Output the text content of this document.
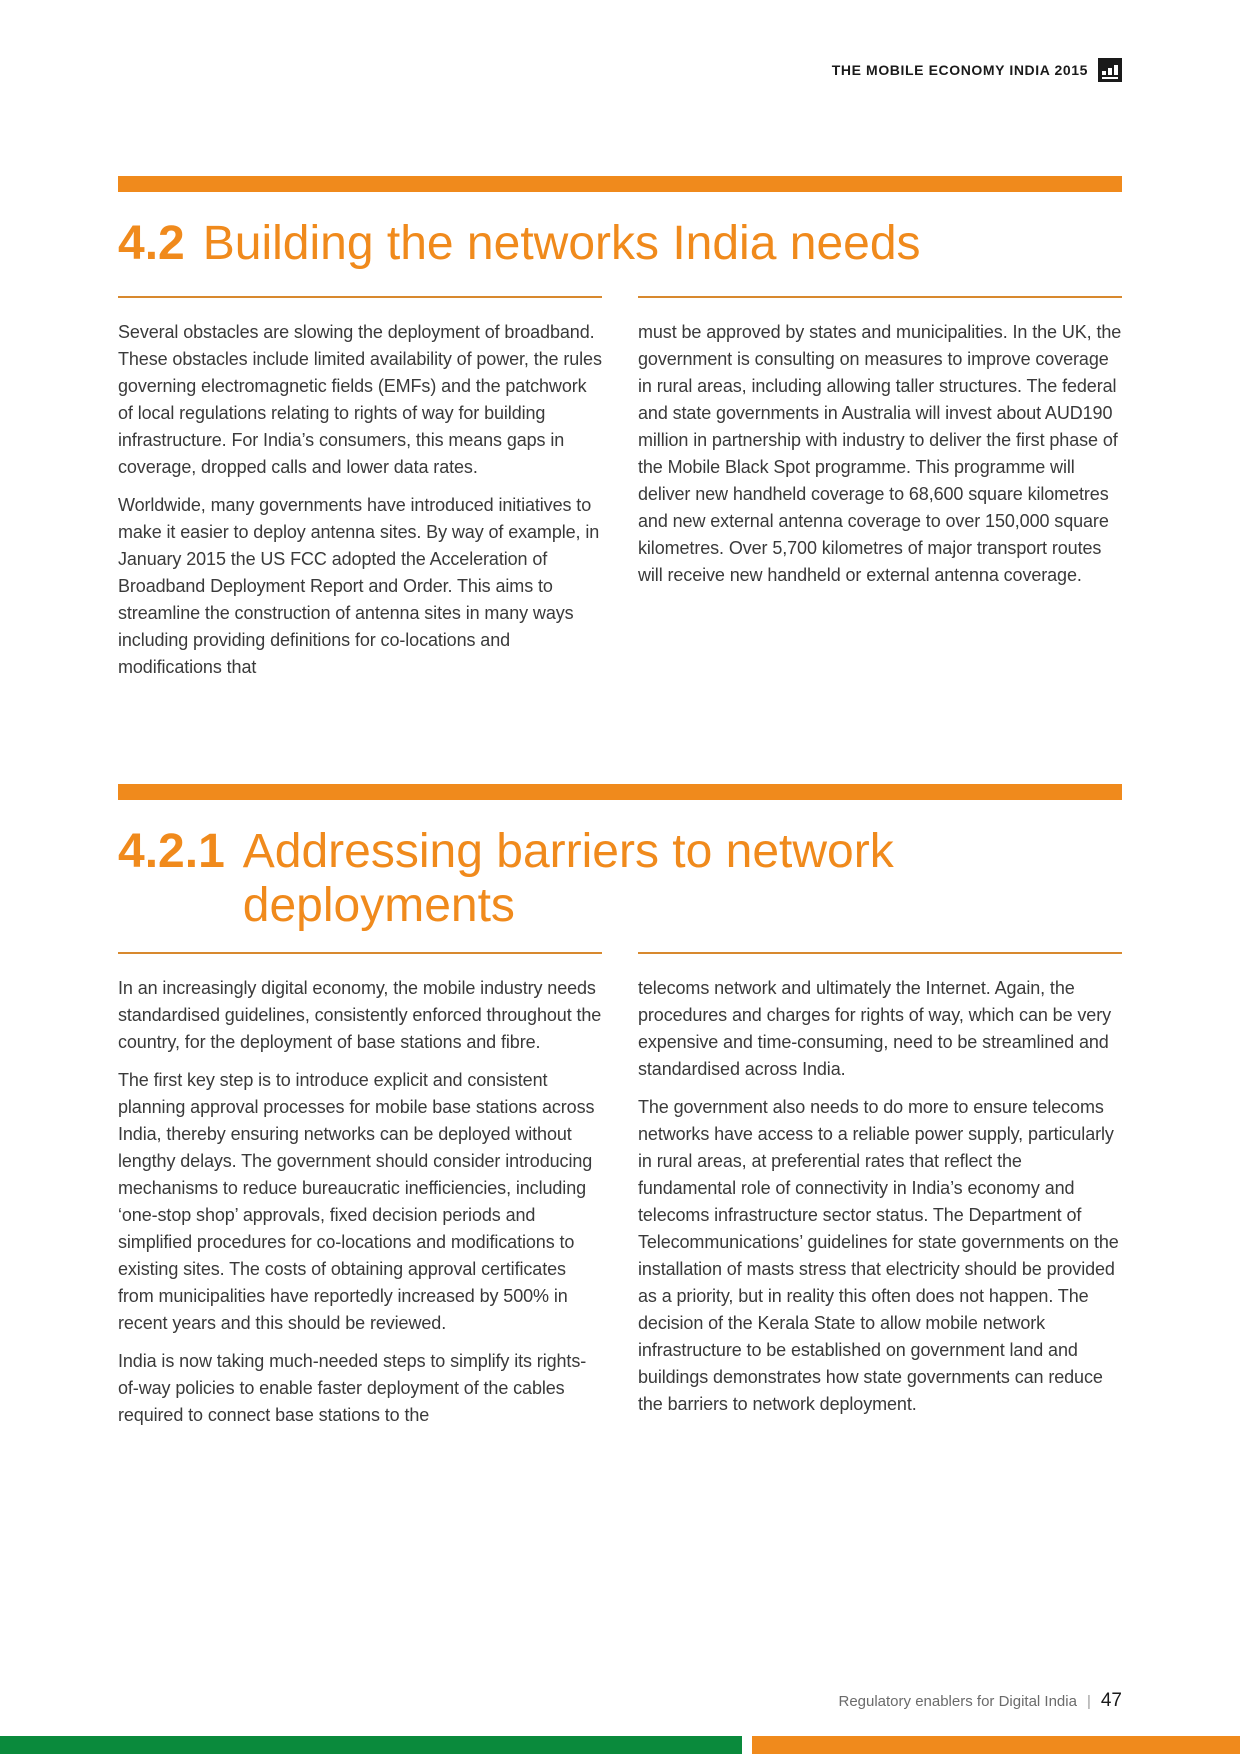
THE MOBILE ECONOMY INDIA 2015
4.2 Building the networks India needs

Several obstacles are slowing the deployment of broadband. These obstacles include limited availability of power, the rules governing electromagnetic fields (EMFs) and the patchwork of local regulations relating to rights of way for building infrastructure. For India’s consumers, this means gaps in coverage, dropped calls and lower data rates.

Worldwide, many governments have introduced initiatives to make it easier to deploy antenna sites. By way of example, in January 2015 the US FCC adopted the Acceleration of Broadband Deployment Report and Order. This aims to streamline the construction of antenna sites in many ways including providing definitions for co-locations and modifications that

must be approved by states and municipalities. In the UK, the government is consulting on measures to improve coverage in rural areas, including allowing taller structures. The federal and state governments in Australia will invest about AUD190 million in partnership with industry to deliver the first phase of the Mobile Black Spot programme. This programme will deliver new handheld coverage to 68,600 square kilometres and new external antenna coverage to over 150,000 square kilometres. Over 5,700 kilometres of major transport routes will receive new handheld or external antenna coverage.

4.2.1 Addressing barriers to network
deployments

In an increasingly digital economy, the mobile industry needs standardised guidelines, consistently enforced throughout the country, for the deployment of base stations and fibre.

The first key step is to introduce explicit and consistent planning approval processes for mobile base stations across India, thereby ensuring networks can be deployed without lengthy delays. The government should consider introducing mechanisms to reduce bureaucratic inefficiencies, including ‘one-stop shop’ approvals, fixed decision periods and simplified procedures for co-locations and modifications to existing sites. The costs of obtaining approval certificates from municipalities have reportedly increased by 500% in recent years and this should be reviewed.

India is now taking much-needed steps to simplify its rights-of-way policies to enable faster deployment of the cables required to connect base stations to the

telecoms network and ultimately the Internet. Again, the procedures and charges for rights of way, which can be very expensive and time-consuming, need to be streamlined and standardised across India.

The government also needs to do more to ensure telecoms networks have access to a reliable power supply, particularly in rural areas, at preferential rates that reflect the fundamental role of connectivity in India’s economy and telecoms infrastructure sector status. The Department of Telecommunications’ guidelines for state governments on the installation of masts stress that electricity should be provided as a priority, but in reality this often does not happen. The decision of the Kerala State to allow mobile network infrastructure to be established on government land and buildings demonstrates how state governments can reduce the barriers to network deployment.

Regulatory enablers for Digital India | 47
